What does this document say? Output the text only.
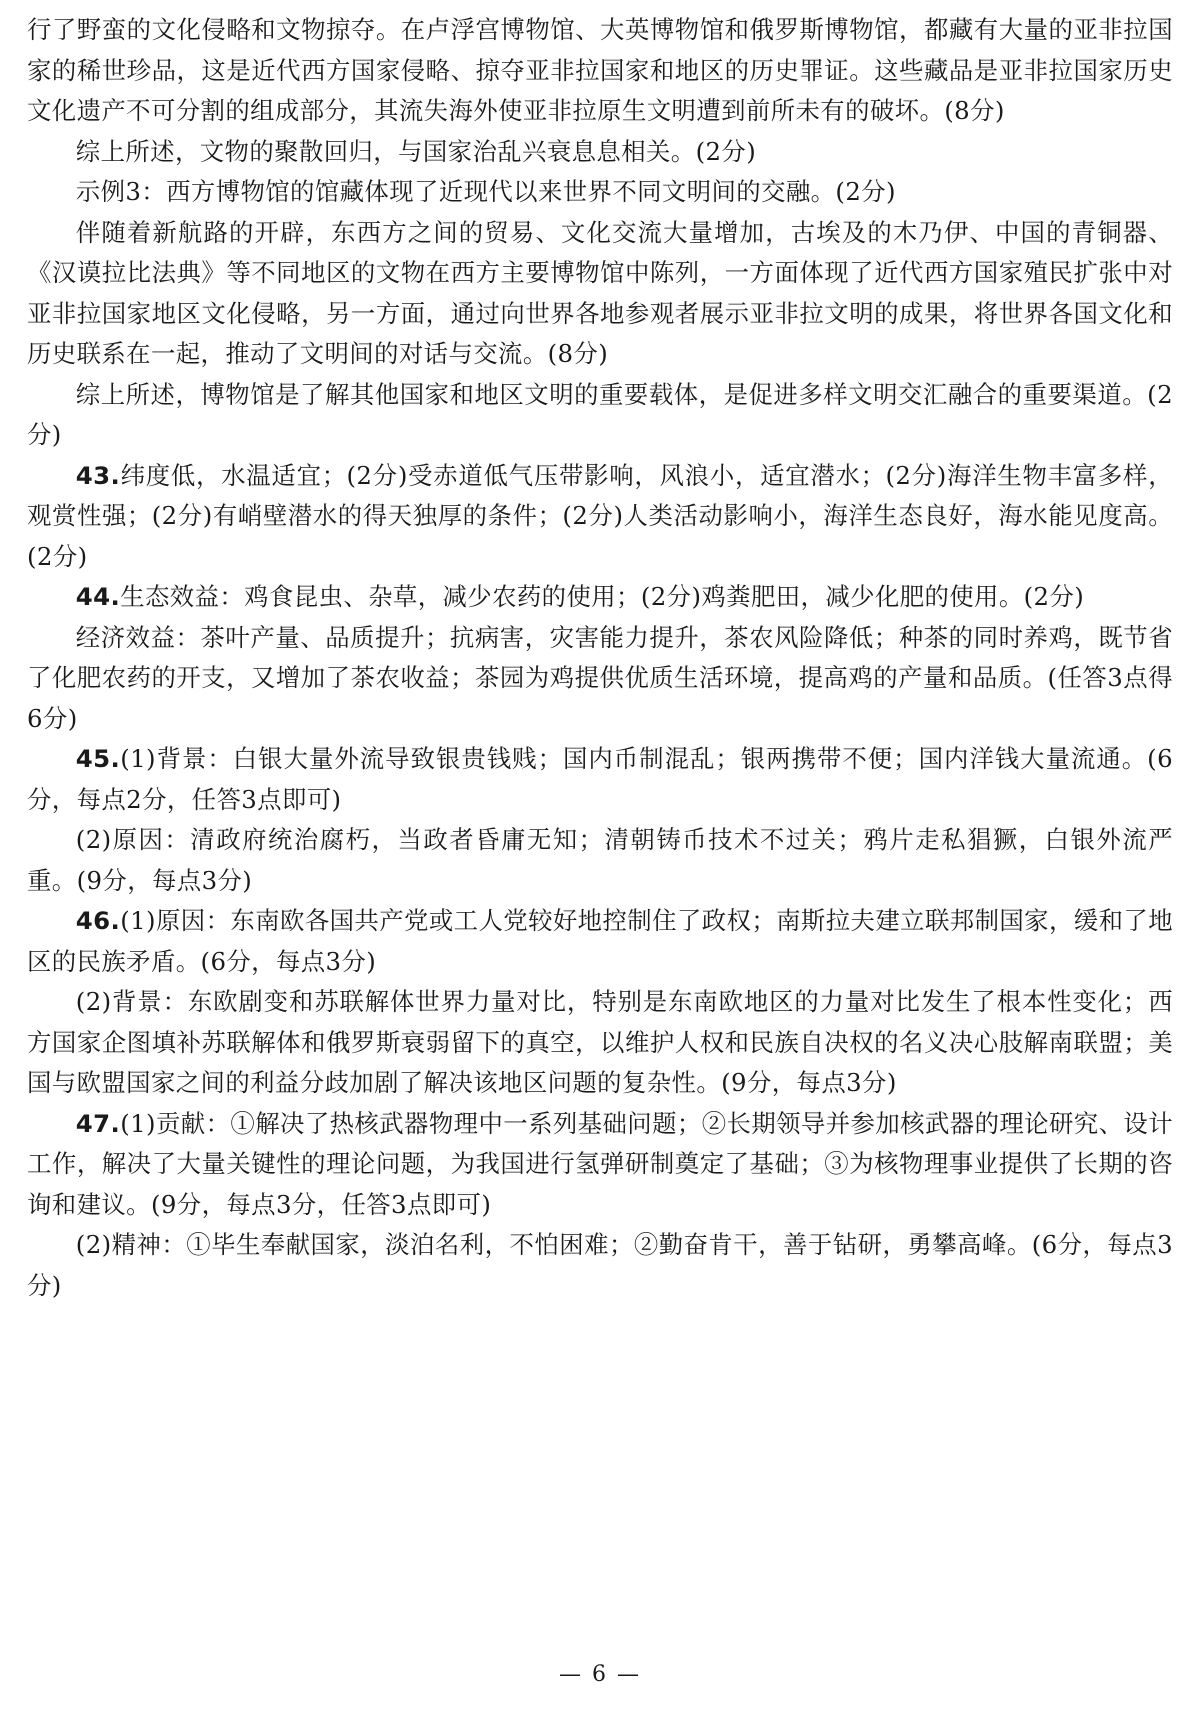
行了野蛮的文化侵略和文物掠夺。在卢浮宫博物馆、大英博物馆和俄罗斯博物馆，都藏有大量的亚非拉国家的稀世珍品，这是近代西方国家侵略、掠夺亚非拉国家和地区的历史罪证。这些藏品是亚非拉国家历史文化遗产不可分割的组成部分，其流失海外使亚非拉原生文明遭到前所未有的破坏。(8分)

综上所述，文物的聚散回归，与国家治乱兴衰息息相关。(2分)

示例3：西方博物馆的馆藏体现了近现代以来世界不同文明间的交融。(2分)

伴随着新航路的开辟，东西方之间的贸易、文化交流大量增加，古埃及的木乃伊、中国的青铜器、《汉谟拉比法典》等不同地区的文物在西方主要博物馆中陈列，一方面体现了近代西方国家殖民扩张中对亚非拉国家地区文化侵略，另一方面，通过向世界各地参观者展示亚非拉文明的成果，将世界各国文化和历史联系在一起，推动了文明间的对话与交流。(8分)

综上所述，博物馆是了解其他国家和地区文明的重要载体，是促进多样文明交汇融合的重要渠道。(2分)

43.纬度低，水温适宜；(2分)受赤道低气压带影响，风浪小，适宜潜水；(2分)海洋生物丰富多样，观赏性强；(2分)有峭壁潜水的得天独厚的条件；(2分)人类活动影响小，海洋生态良好，海水能见度高。(2分)

44.生态效益：鸡食昆虫、杂草，减少农药的使用；(2分)鸡粪肥田，减少化肥的使用。(2分)

经济效益：茶叶产量、品质提升；抗病害，灾害能力提升，茶农风险降低；种茶的同时养鸡，既节省了化肥农药的开支，又增加了茶农收益；茶园为鸡提供优质生活环境，提高鸡的产量和品质。(任答3点得6分)

45.(1)背景：白银大量外流导致银贵钱贱；国内币制混乱；银两携带不便；国内洋钱大量流通。(6分，每点2分，任答3点即可)

(2)原因：清政府统治腐朽，当政者昏庸无知；清朝铸币技术不过关；鸦片走私猖獗，白银外流严重。(9分，每点3分)

46.(1)原因：东南欧各国共产党或工人党较好地控制住了政权；南斯拉夫建立联邦制国家，缓和了地区的民族矛盾。(6分，每点3分)

(2)背景：东欧剧变和苏联解体世界力量对比，特别是东南欧地区的力量对比发生了根本性变化；西方国家企图填补苏联解体和俄罗斯衰弱留下的真空，以维护人权和民族自决权的名义决心肢解南联盟；美国与欧盟国家之间的利益分歧加剧了解决该地区问题的复杂性。(9分，每点3分)

47.(1)贡献：①解决了热核武器物理中一系列基础问题；②长期领导并参加核武器的理论研究、设计工作，解决了大量关键性的理论问题，为我国进行氢弹研制奠定了基础；③为核物理事业提供了长期的咨询和建议。(9分，每点3分，任答3点即可)

(2)精神：①毕生奉献国家，淡泊名利，不怕困难；②勤奋肯干，善于钻研，勇攀高峰。(6分，每点3分)

— 6 —
